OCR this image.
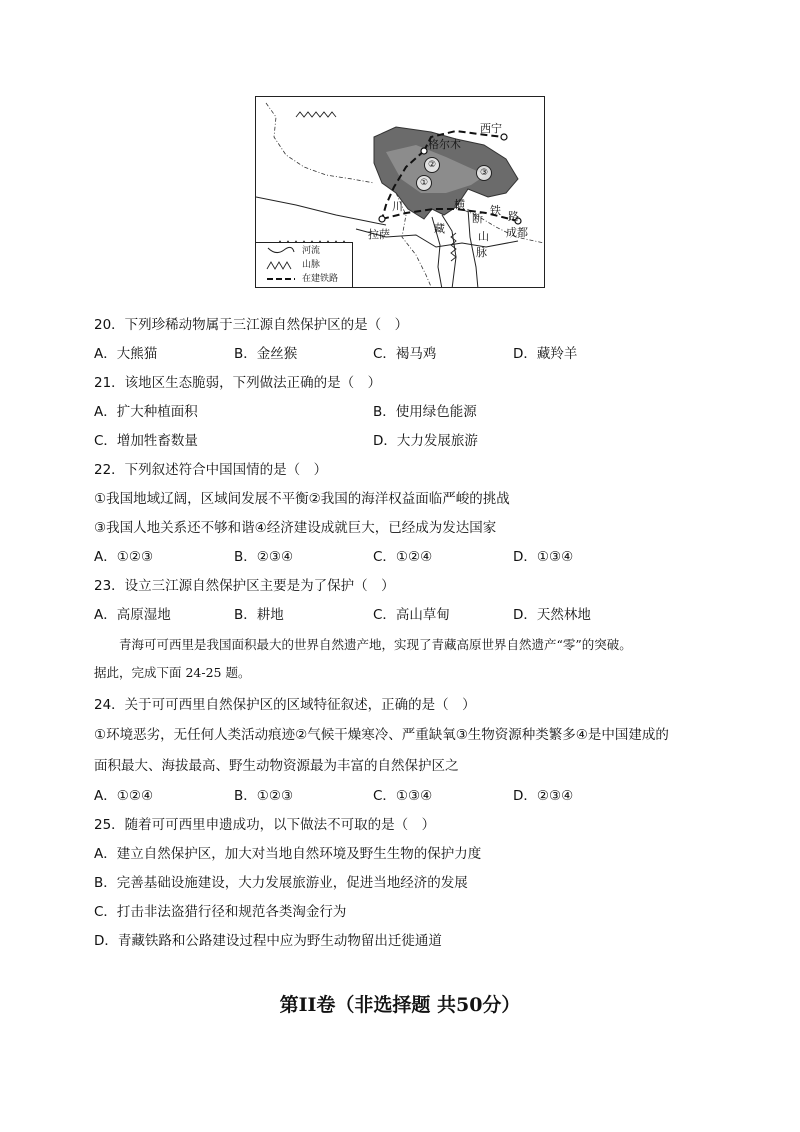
西宁
格尔木
拉萨	成都
川
藏
横
断
山
脉
铁 路
①
②
③
河流
山脉
在建铁路
20．下列珍稀动物属于三江源自然保护区的是（　）
A．大熊猫	B．金丝猴	C．褐马鸡	D．藏羚羊
21．该地区生态脆弱，下列做法正确的是（　）
A．扩大种植面积	B．使用绿色能源
C．增加牲畜数量	D．大力发展旅游
22．下列叙述符合中国国情的是（　）
①我国地域辽阔，区域间发展不平衡②我国的海洋权益面临严峻的挑战
③我国人地关系还不够和谐④经济建设成就巨大，已经成为发达国家
A．①②③	B．②③④	C．①②④	D．①③④
23．设立三江源自然保护区主要是为了保护（　）
A．高原湿地	B．耕地	C．高山草甸	D．天然林地
青海可可西里是我国面积最大的世界自然遗产地，实现了青藏高原世界自然遗产“零”的突破。
据此，完成下面 24-25 题。
24．关于可可西里自然保护区的区域特征叙述，正确的是（　）
①环境恶劣，无任何人类活动痕迹②气候干燥寒冷、严重缺氧③生物资源种类繁多④是中国建成的
面积最大、海拔最高、野生动物资源最为丰富的自然保护区之
A．①②④	B．①②③	C．①③④	D．②③④
25．随着可可西里申遗成功，以下做法不可取的是（　）
A．建立自然保护区，加大对当地自然环境及野生生物的保护力度
B．完善基础设施建设，大力发展旅游业，促进当地经济的发展
C．打击非法盗猎行径和规范各类淘金行为
D．青藏铁路和公路建设过程中应为野生动物留出迁徙通道
第II卷（非选择题 共50分）
